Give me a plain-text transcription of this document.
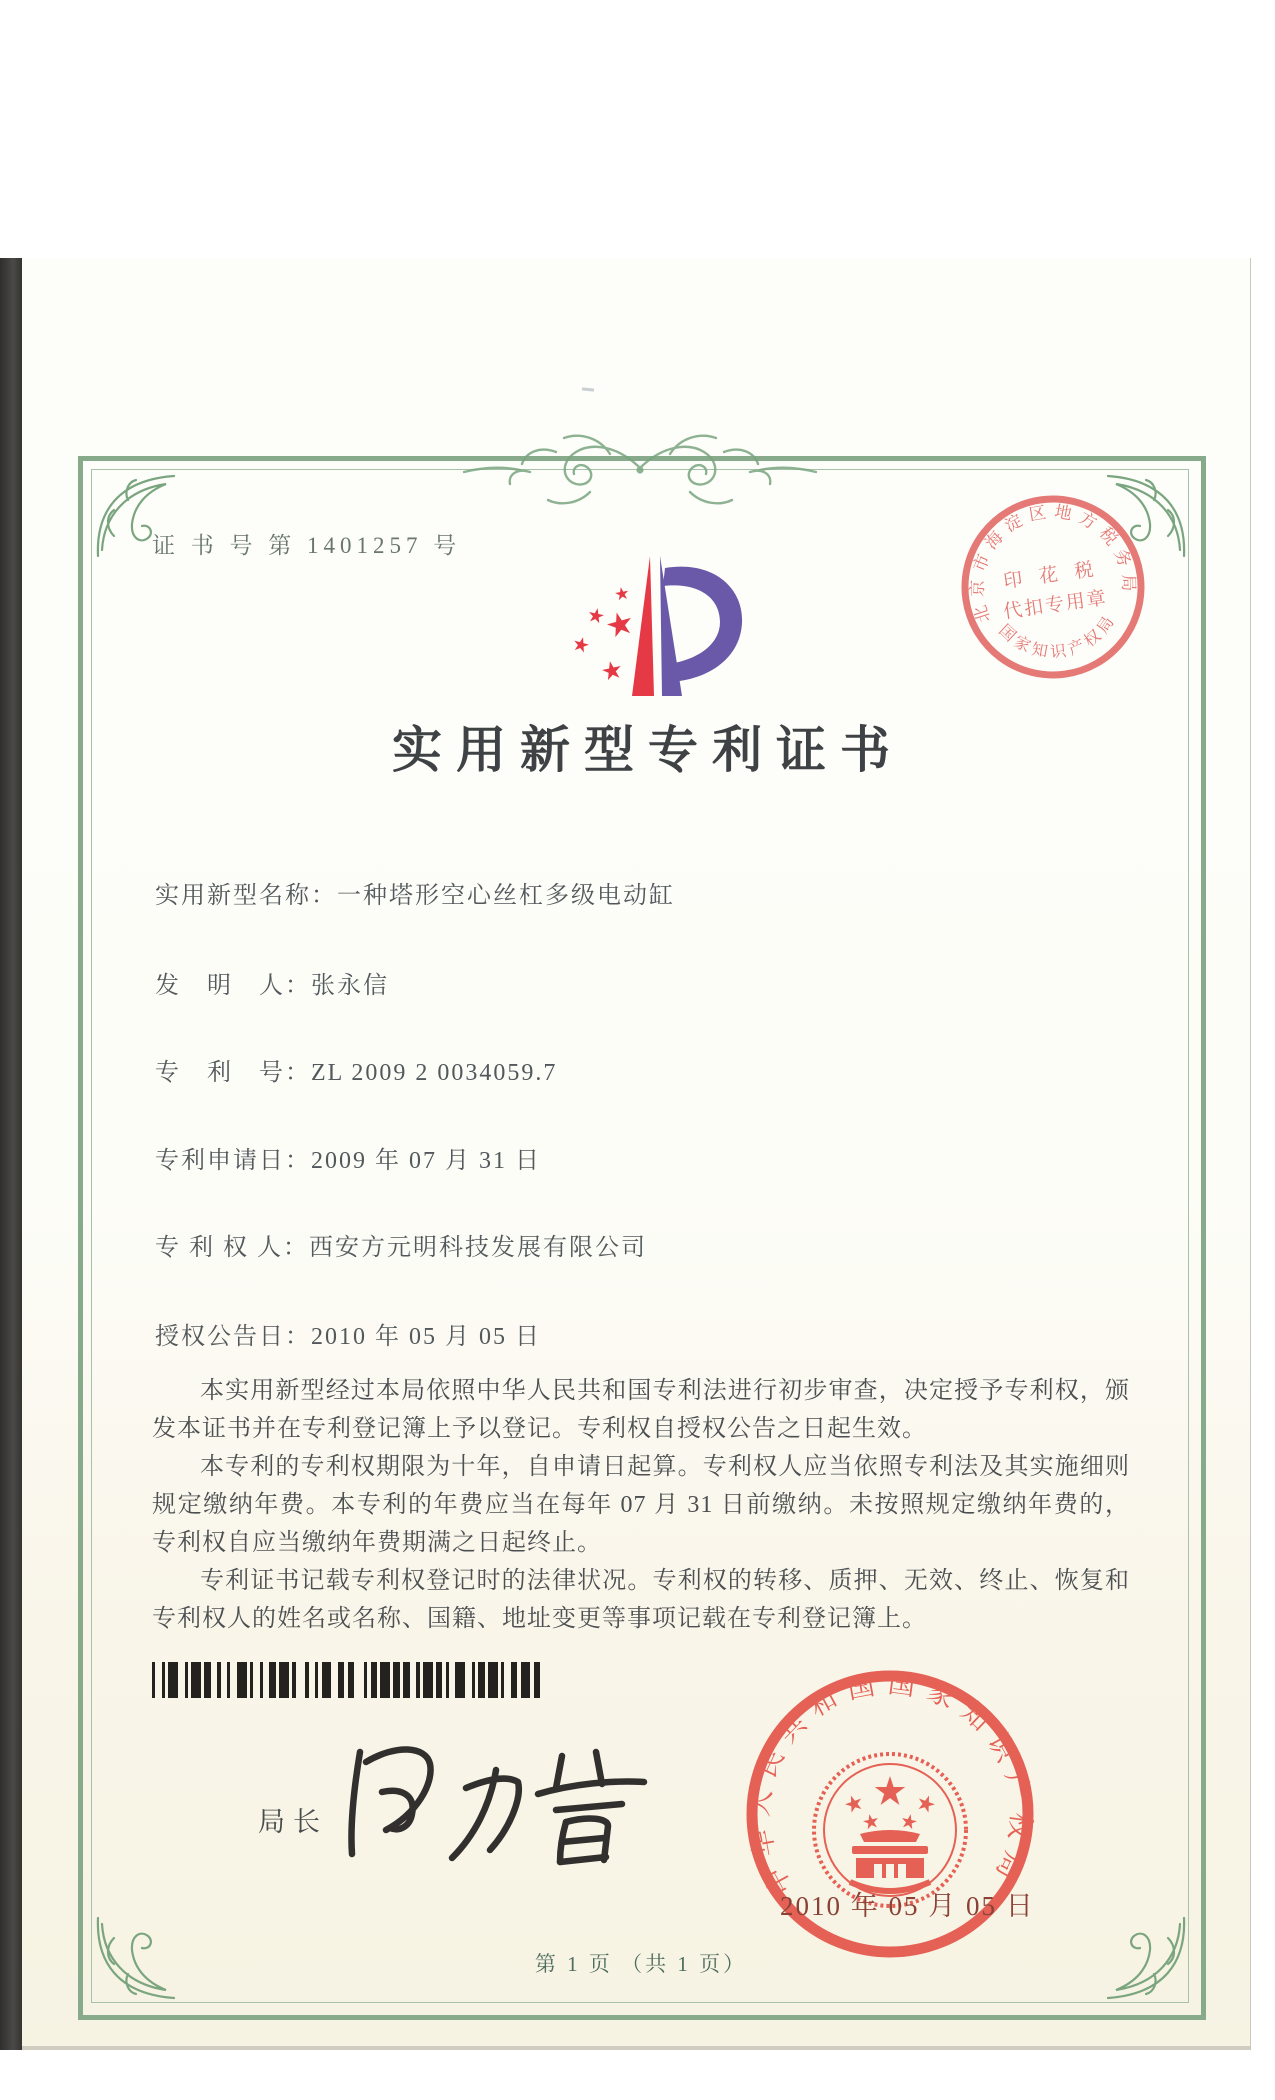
证 书 号 第 1401257 号
北京市海淀区地方税务局
国家知识产权局
印 花 税
代扣专用章
实用新型专利证书
实用新型名称：一种塔形空心丝杠多级电动缸
发　明　人：张永信
专　利　号：ZL 2009 2 0034059.7
专利申请日：2009 年 07 月 31 日
专 利 权 人：西安方元明科技发展有限公司
授权公告日：2010 年 05 月 05 日

本实用新型经过本局依照中华人民共和国专利法进行初步审查，决定授予专利权，颁发本证书并在专利登记簿上予以登记。专利权自授权公告之日起生效。

本专利的专利权期限为十年，自申请日起算。专利权人应当依照专利法及其实施细则规定缴纳年费。本专利的年费应当在每年 07 月 31 日前缴纳。未按照规定缴纳年费的，专利权自应当缴纳年费期满之日起终止。

专利证书记载专利权登记时的法律状况。专利权的转移、质押、无效、终止、恢复和专利权人的姓名或名称、国籍、地址变更等事项记载在专利登记簿上。

局长
中华人民共和国国家知识产权局
2010 年 05 月 05 日
第 1 页 （共 1 页）
